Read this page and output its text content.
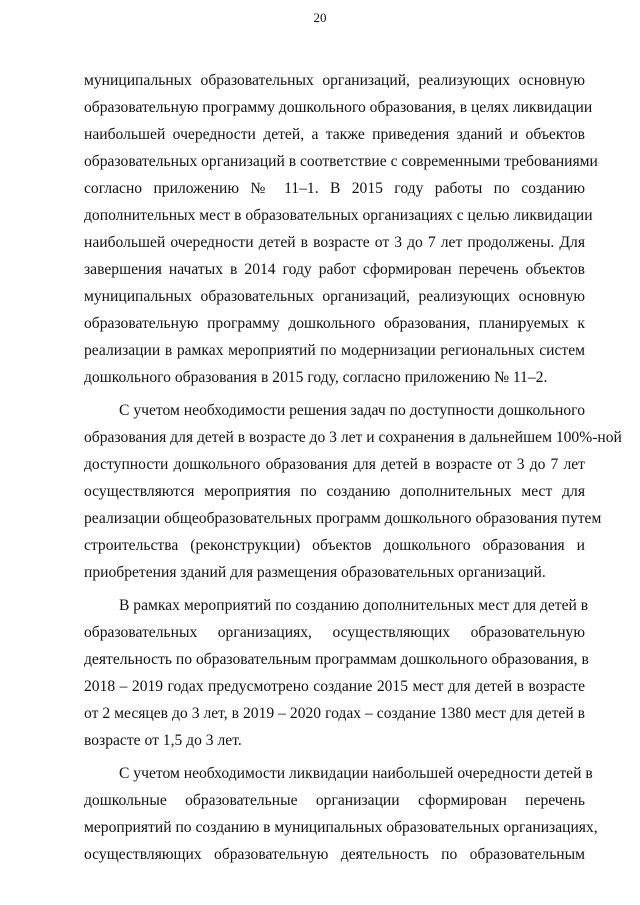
20
муниципальных образовательных организаций, реализующих основную
образовательную программу дошкольного образования, в целях ликвидации
наибольшей очередности детей, а также приведения зданий и объектов
образовательных организаций в соответствие с современными требованиями
согласно приложению № 11–1. В 2015 году работы по созданию
дополнительных мест в образовательных организациях с целью ликвидации
наибольшей очередности детей в возрасте от 3 до 7 лет продолжены. Для
завершения начатых в 2014 году работ сформирован перечень объектов
муниципальных образовательных организаций, реализующих основную
образовательную программу дошкольного образования, планируемых к
реализации в рамках мероприятий по модернизации региональных систем
дошкольного образования в 2015 году, согласно приложению № 11–2.
С учетом необходимости решения задач по доступности дошкольного
образования для детей в возрасте до 3 лет и сохранения в дальнейшем 100%-ной
доступности дошкольного образования для детей в возрасте от 3 до 7 лет
осуществляются мероприятия по созданию дополнительных мест для
реализации общеобразовательных программ дошкольного образования путем
строительства (реконструкции) объектов дошкольного образования и
приобретения зданий для размещения образовательных организаций.
В рамках мероприятий по созданию дополнительных мест для детей в
образовательных организациях, осуществляющих образовательную
деятельность по образовательным программам дошкольного образования, в
2018 – 2019 годах предусмотрено создание 2015 мест для детей в возрасте
от 2 месяцев до 3 лет, в 2019 – 2020 годах – создание 1380 мест для детей в
возрасте от 1,5 до 3 лет.
С учетом необходимости ликвидации наибольшей очередности детей в
дошкольные образовательные организации сформирован перечень
мероприятий по созданию в муниципальных образовательных организациях,
осуществляющих образовательную деятельность по образовательным
